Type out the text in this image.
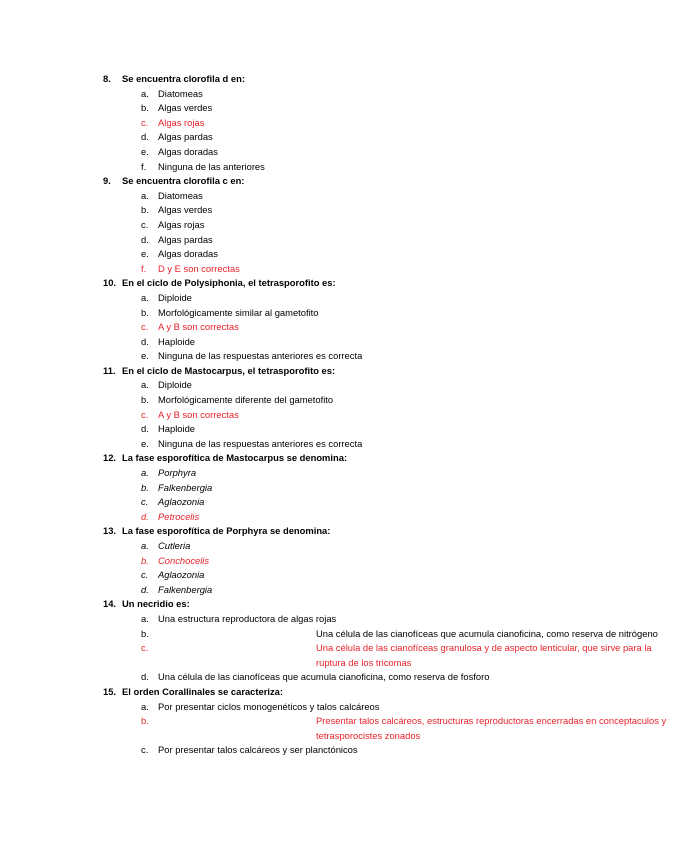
8. Se encuentra clorofila d en:
a. Diatomeas
b. Algas verdes
c. Algas rojas
d. Algas pardas
e. Algas doradas
f. Ninguna de las anteriores
9. Se encuentra clorofila c en:
a. Diatomeas
b. Algas verdes
c. Algas rojas
d. Algas pardas
e. Algas doradas
f. D y E son correctas
10. En el ciclo de Polysiphonia, el tetrasporofito es:
a. Diploide
b. Morfológicamente similar al gametofito
c. A y B son correctas
d. Haploide
e. Ninguna de las respuestas anteriores es correcta
11. En el ciclo de Mastocarpus, el tetrasporofito es:
a. Diploide
b. Morfológicamente diferente del gametofito
c. A y B son correctas
d. Haploide
e. Ninguna de las respuestas anteriores es correcta
12. La fase esporofítica de Mastocarpus se denomina:
a. Porphyra
b. Falkenbergia
c. Aglaozonia
d. Petrocelis
13. La fase esporofítica de Porphyra se denomina:
a. Cutleria
b. Conchocelis
c. Aglaozonia
d. Falkenbergia
14. Un necridio es:
a. Una estructura reproductora de algas rojas
b.	Una célula de las cianofíceas que acumula cianoficina, como reserva de nitrógeno
c.	Una célula de las cianofíceas granulosa y de aspecto lenticular, que sirve para la ruptura de los tricomas
d. Una célula de las cianofíceas que acumula cianoficina, como reserva de fosforo
15. El orden Corallinales se caracteriza:
a. Por presentar ciclos monogenéticos y talos calcáreos
b.	Presentar talos calcáreos, estructuras reproductoras encerradas en conceptaculos y tetrasporocistes zonados
c. Por presentar talos calcáreos y ser planctónicos
